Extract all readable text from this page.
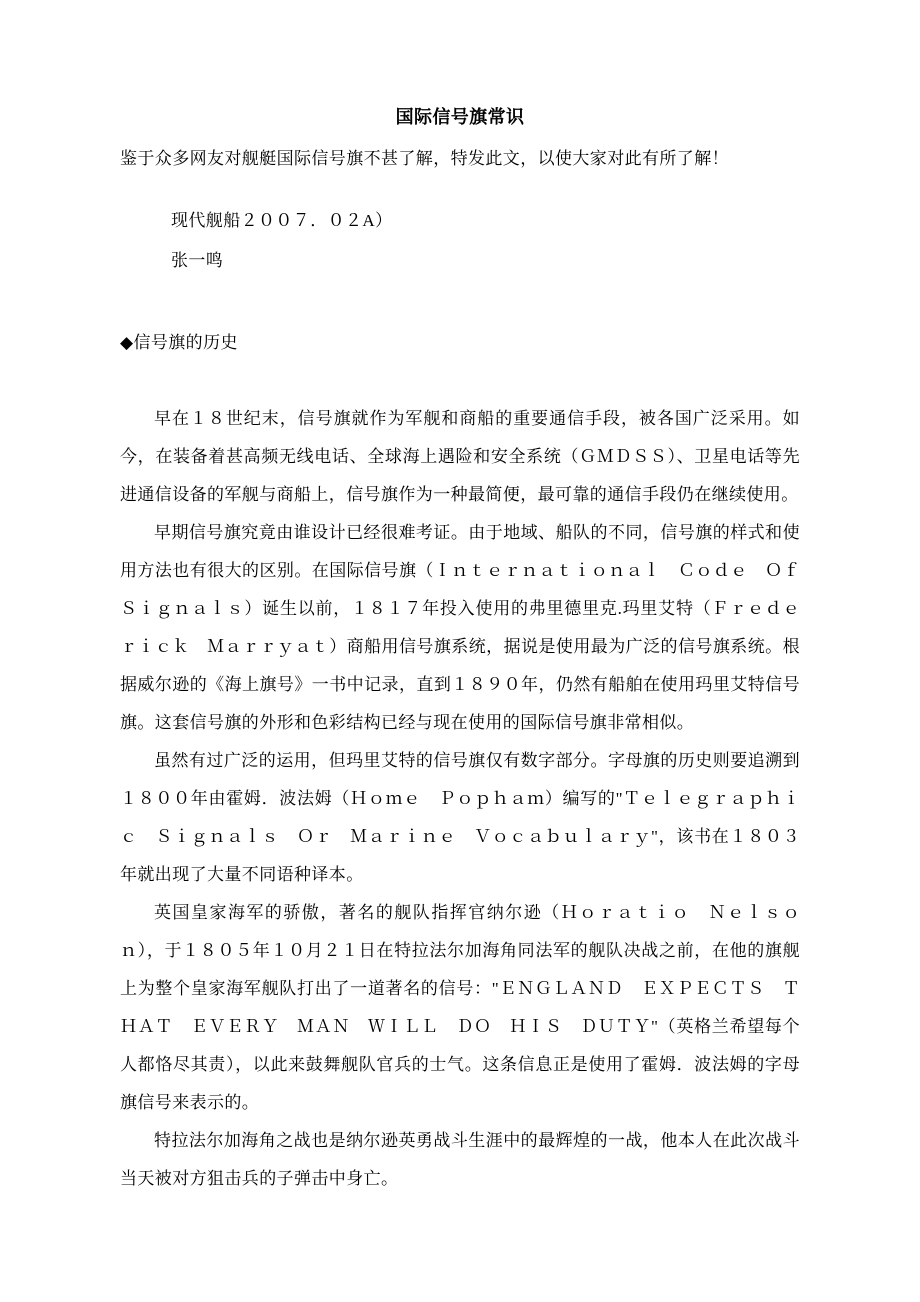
国际信号旗常识

鉴于众多网友对舰艇国际信号旗不甚了解，特发此文，以使大家对此有所了解！

现代舰船２００７．０２A）

张一鸣

◆信号旗的历史

早在１８世纪末，信号旗就作为军舰和商船的重要通信手段，被各国广泛采用。如今，在装备着甚高频无线电话、全球海上遇险和安全系统（ＧＭＤＳＳ）、卫星电话等先进通信设备的军舰与商船上，信号旗作为一种最简便，最可靠的通信手段仍在继续使用。

早期信号旗究竟由谁设计已经很难考证。由于地域、船队的不同，信号旗的样式和使用方法也有很大的区别。在国际信号旗（Ｉｎｔｅｒｎａｔｉｏｎａｌ　Ｃｏｄｅ　Ｏｆ　Ｓｉｇｎａｌｓ）诞生以前，１８１７年投入使用的弗里德里克.玛里艾特（Ｆｒｅｄｅｒｉｃｋ　Ｍａｒｒｙａｔ）商船用信号旗系统，据说是使用最为广泛的信号旗系统。根据威尔逊的《海上旗号》一书中记录，直到１８９０年，仍然有船舶在使用玛里艾特信号旗。这套信号旗的外形和色彩结构已经与现在使用的国际信号旗非常相似。

虽然有过广泛的运用，但玛里艾特的信号旗仅有数字部分。字母旗的历史则要追溯到１８００年由霍姆．波法姆（Ｈｏｍｅ　Ｐｏｐｈａｍ）编写的"Ｔｅｌｅｇｒａｐｈｉｃ　Ｓｉｇｎａｌｓ　Ｏｒ　Ｍａｒｉｎｅ　Ｖｏｃａｂｕｌａｒｙ"，该书在１８０３年就出现了大量不同语种译本。

英国皇家海军的骄傲，著名的舰队指挥官纳尔逊（Ｈｏｒａｔｉｏ　Ｎｅｌｓｏｎ），于１８０５年１０月２１日在特拉法尔加海角同法军的舰队决战之前，在他的旗舰上为整个皇家海军舰队打出了一道著名的信号："ＥＮＧＬＡＮＤ　ＥＸＰＥＣＴＳ　ＴＨＡＴ　ＥＶＥＲＹ　ＭＡＮ　ＷＩＬＬ　ＤＯ　ＨＩＳ　ＤＵＴＹ"（英格兰希望每个人都恪尽其责），以此来鼓舞舰队官兵的士气。这条信息正是使用了霍姆．波法姆的字母旗信号来表示的。

特拉法尔加海角之战也是纳尔逊英勇战斗生涯中的最辉煌的一战，他本人在此次战斗当天被对方狙击兵的子弹击中身亡。
